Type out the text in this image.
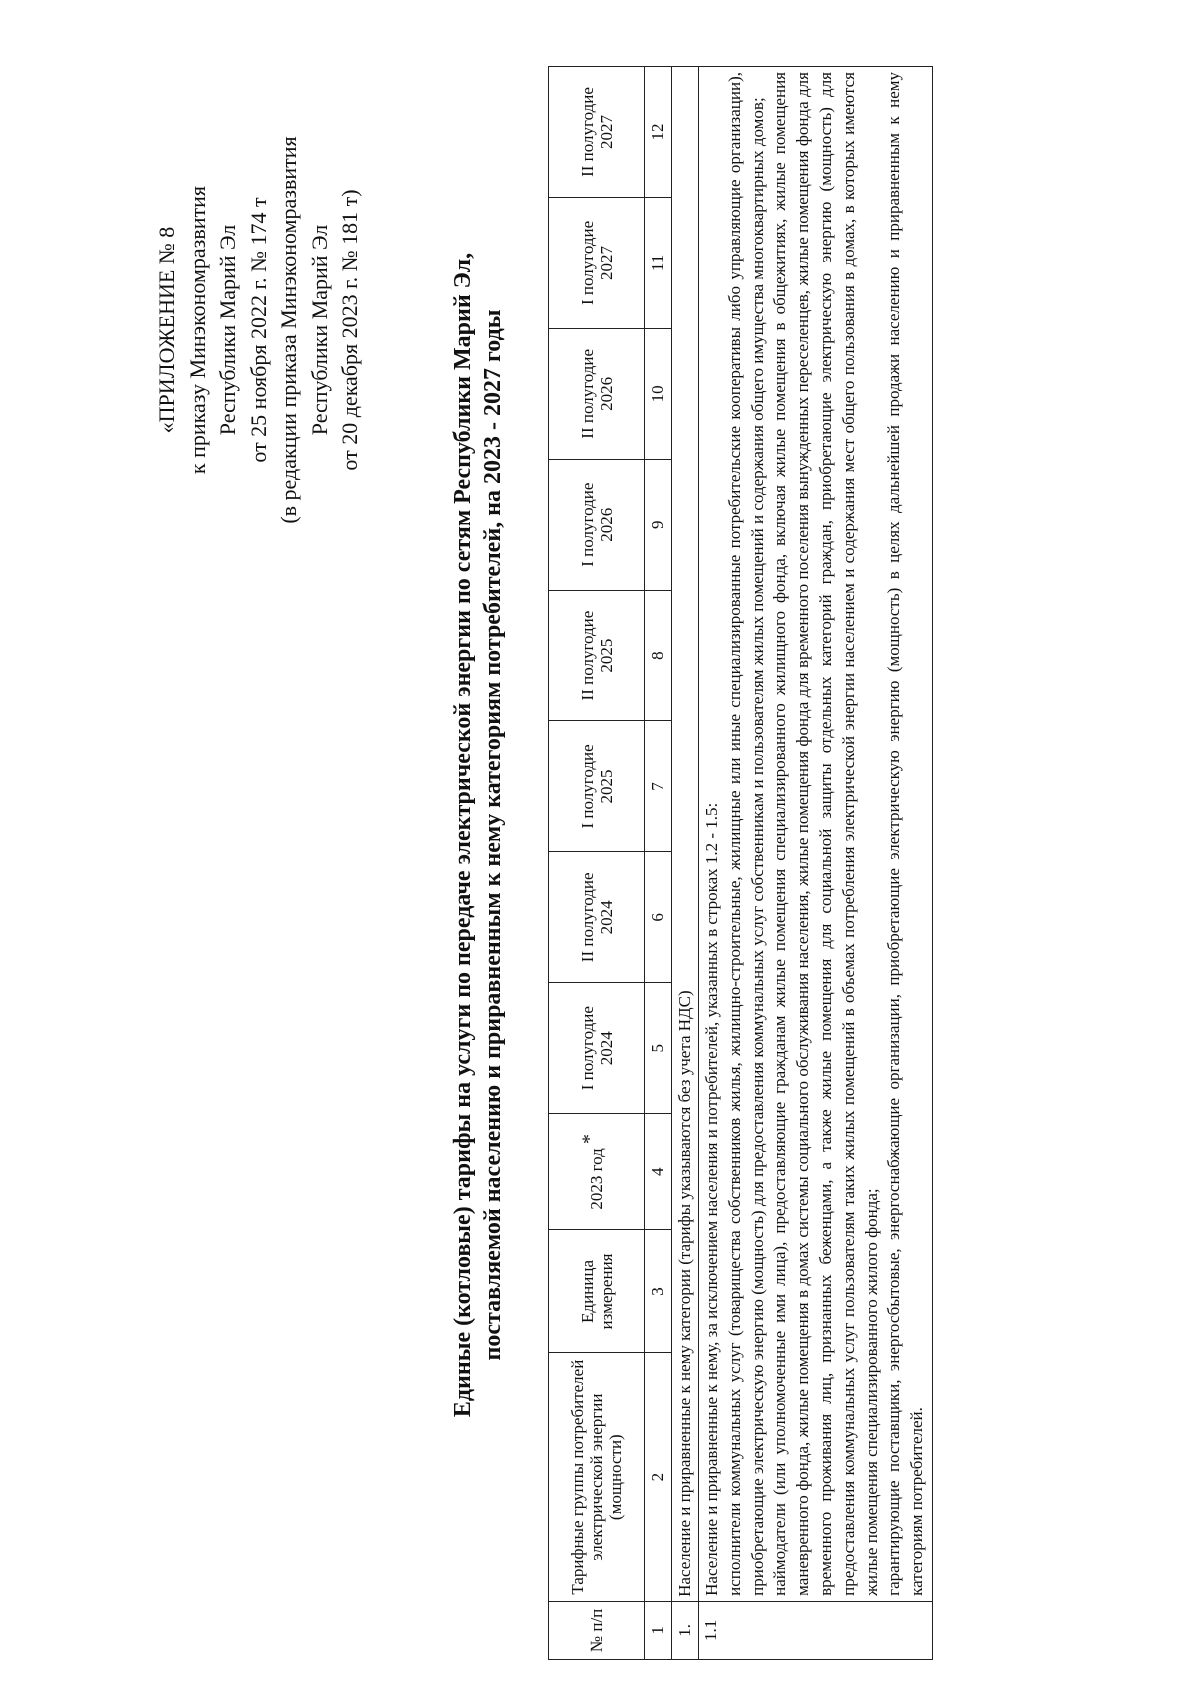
«ПРИЛОЖЕНИЕ № 8 к приказу Минэкономразвития Республики Марий Эл от 25 ноября 2022 г. № 174 т (в редакции приказа Минэкономразвития Республики Марий Эл от 20 декабря 2023 г. № 181 т)	Единые (котловые) тарифы на услуги по передаче электрической энергии по сетям Республики Марий Эл, поставляемой населению и приравненным к нему категориям потребителей, на 2023 - 2027 годы
№ п/п	Тарифные группы потребителей электрической энергии (мощности)	Единица измерения	2023 год *	I полугодие 2024	II полугодие 2024	I полугодие 2025	II полугодие 2025	I полугодие 2026	II полугодие 2026	I полугодие 2027	II полугодие 2027
1	2	3	4	5	6	7	8	9	10	11	12
1.	Население и приравненные к нему категории (тарифы указываются без учета НДС)										
1.1	Население и приравненные к нему, за исключением населения и потребителей, указанных в строках 1.2 - 1.5: исполнители коммунальных услуг (товарищества собственников жилья, жилищно-строительные, жилищные или иные специализированные потребительские кооперативы либо управляющие организации), приобретающие электрическую энергию (мощность) для предоставления коммунальных услуг собственникам и пользователям жилых помещений и содержания общего имущества многоквартирных домов; наймодатели (или уполномоченные ими лица), предоставляющие гражданам жилые помещения специализированного жилищного фонда, включая жилые помещения в общежитиях, жилые помещения маневренного фонда, жилые помещения в домах системы социального обслуживания населения, жилые помещения фонда для временного поселения вынужденных переселенцев, жилые помещения фонда для временного проживания лиц, признанных беженцами, а также жилые помещения для социальной защиты отдельных категорий граждан, приобретающие электрическую энергию (мощность) для предоставления коммунальных услуг пользователям таких жилых помещений в объемах потребления электрической энергии населением и содержания мест общего пользования в домах, в которых имеются жилые помещения специализированного жилого фонда; гарантирующие поставщики, энергосбытовые, энергоснабжающие организации, приобретающие электрическую энергию (мощность) в целях дальнейшей продажи населению и приравненным к нему категориям потребителей.										
